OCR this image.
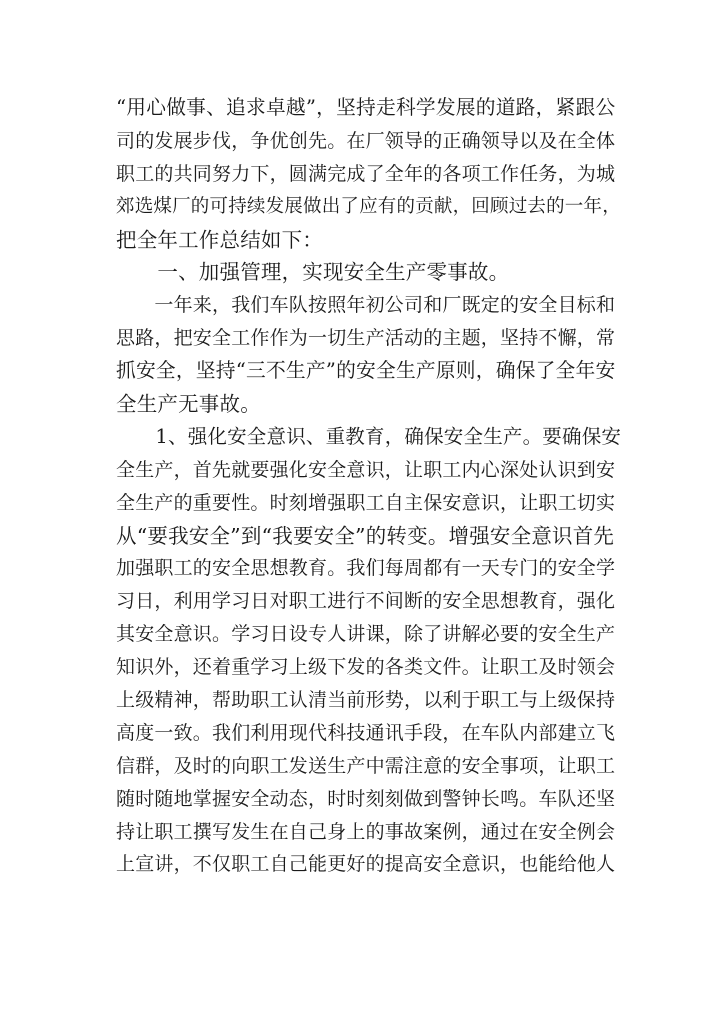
“用心做事、追求卓越”，坚持走科学发展的道路，紧跟公
司的发展步伐，争优创先。在厂领导的正确领导以及在全体
职工的共同努力下，圆满完成了全年的各项工作任务，为城
郊选煤厂的可持续发展做出了应有的贡献，回顾过去的一年，
把全年工作总结如下：
　　一、加强管理，实现安全生产零事故。
　　一年来，我们车队按照年初公司和厂既定的安全目标和
思路，把安全工作作为一切生产活动的主题，坚持不懈，常
抓安全，坚持“三不生产”的安全生产原则，确保了全年安
全生产无事故。
　　1、强化安全意识、重教育，确保安全生产。要确保安
全生产，首先就要强化安全意识，让职工内心深处认识到安
全生产的重要性。时刻增强职工自主保安意识，让职工切实
从“要我安全”到“我要安全”的转变。增强安全意识首先
加强职工的安全思想教育。我们每周都有一天专门的安全学
习日，利用学习日对职工进行不间断的安全思想教育，强化
其安全意识。学习日设专人讲课，除了讲解必要的安全生产
知识外，还着重学习上级下发的各类文件。让职工及时领会
上级精神，帮助职工认清当前形势，以利于职工与上级保持
高度一致。我们利用现代科技通讯手段，在车队内部建立飞
信群，及时的向职工发送生产中需注意的安全事项，让职工
随时随地掌握安全动态，时时刻刻做到警钟长鸣。车队还坚
持让职工撰写发生在自己身上的事故案例，通过在安全例会
上宣讲，不仅职工自己能更好的提高安全意识，也能给他人
